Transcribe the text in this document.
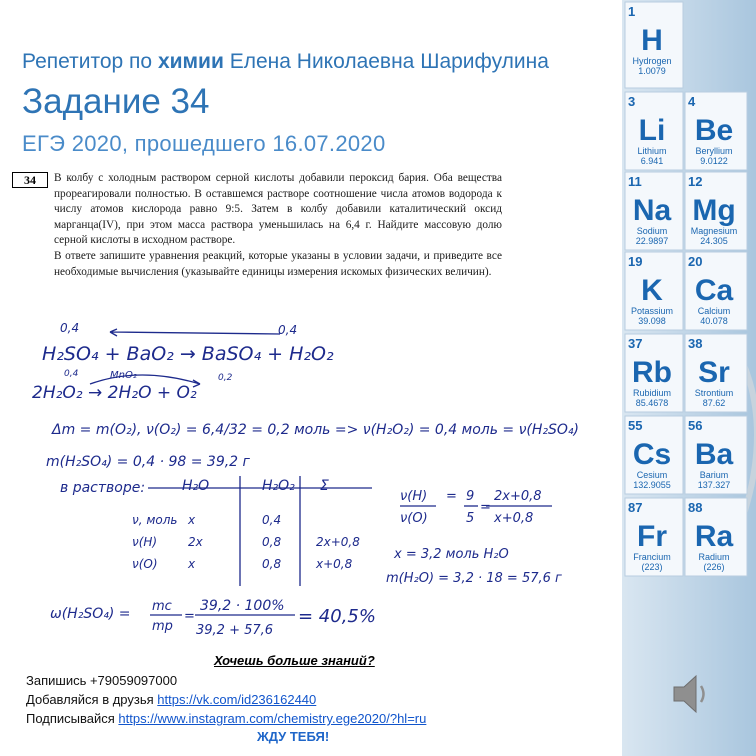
Репетитор по химии Елена Николаевна Шарифулина
Задание 34
ЕГЭ 2020, прошедшего 16.07.2020
34	В колбу с холодным раствором серной кислоты добавили пероксид бария. Оба вещества прореагировали полностью. В оставшемся растворе соотношение числа атомов водорода к числу атомов кислорода равно 9:5. Затем в колбу добавили каталитический оксид марганца(IV), при этом масса раствора уменьшилась на 6,4 г. Найдите массовую долю серной кислоты в исходном растворе.

В ответе запишите уравнения реакций, которые указаны в условии задачи, и приведите все необходимые вычисления (указывайте единицы измерения искомых физических величин).

0,4	0,4
H₂SO₄ + BaO₂ → BaSO₄ + H₂O₂
0,4	0,2
MnO₂
2H₂O₂ → 2H₂O + O₂
Δm = m(O₂), ν(O₂) = 6,4/32 = 0,2 моль => ν(H₂O₂) = 0,4 моль = ν(H₂SO₄)
m(H₂SO₄) = 0,4 · 98 = 39,2 г
в растворе:	H₂O	H₂O₂ Σ
ν, моль x	0,4
ν(H)	2x	0,8	2x+0,8
ν(O)	x	0,8	x+0,8
ν(H)
ν(O)
= 9
5
=
2x+0,8
x+0,8
x = 3,2 моль H₂O
m(H₂O) = 3,2 · 18 = 57,6 г
ω(H₂SO₄) = mс
mр
=
39,2 · 100%
39,2 + 57,6
= 40,5%
Хочешь больше знаний?
Запишись +79059097000
Добавляйся в друзья https://vk.com/id236162440
Подписывайся https://www.instagram.com/chemistry.ege2020/?hl=ru
ЖДУ ТЕБЯ!
1
H
Hydrogen
1.0079
3
Li
Lithium
6.941
4
Be
Beryllium
9.0122
11
Na
Sodium
22.9897
12
Mg
Magnesium
24.305
19
K
Potassium
39.098
20
Ca
Calcium
40.078
37
Rb
Rubidium
85.4678
38
Sr
Strontium
87.62
55
Cs
Cesium
132.9055
56
Ba
Barium
137.327
87
Fr
Francium
(223)
88
Ra
Radium
(226)
